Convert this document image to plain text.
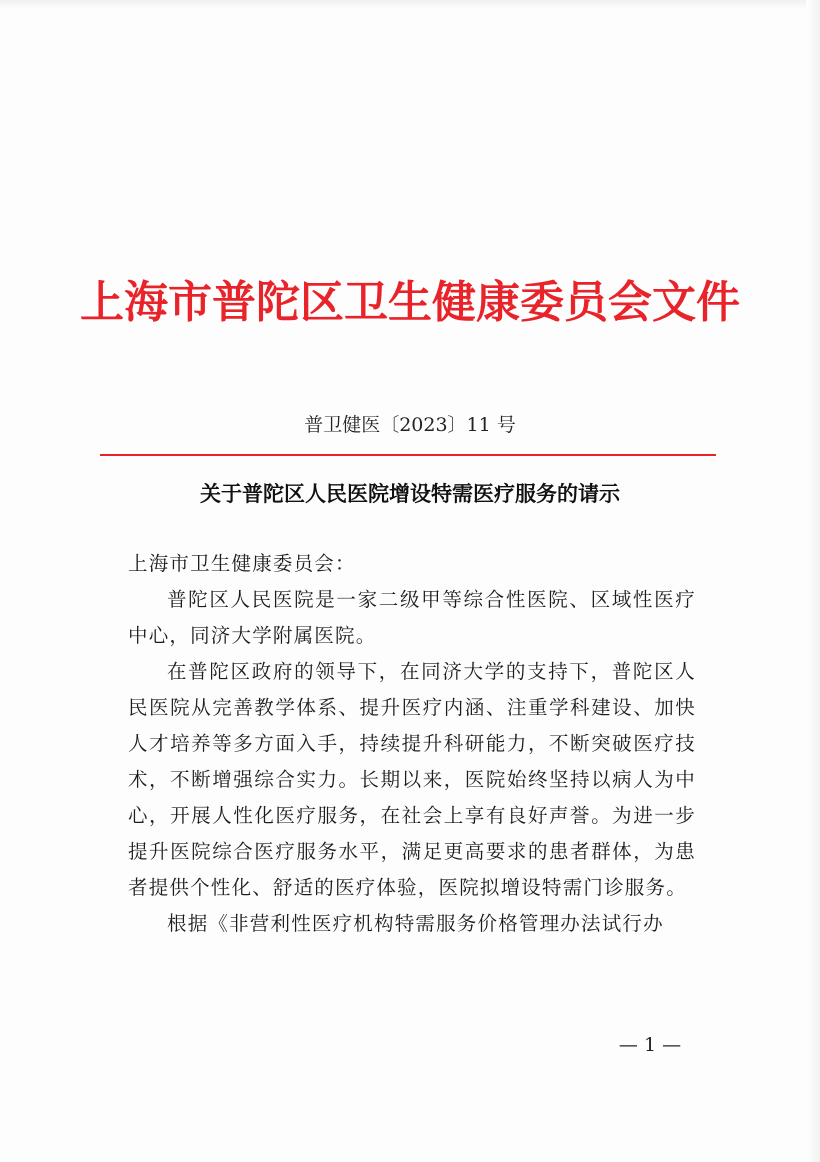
上海市普陀区卫生健康委员会文件
普卫健医〔2023〕11 号
关于普陀区人民医院增设特需医疗服务的请示

上海市卫生健康委员会：

普陀区人民医院是一家二级甲等综合性医院、区域性医疗中心，同济大学附属医院。

在普陀区政府的领导下，在同济大学的支持下，普陀区人民医院从完善教学体系、提升医疗内涵、注重学科建设、加快人才培养等多方面入手，持续提升科研能力，不断突破医疗技术，不断增强综合实力。长期以来，医院始终坚持以病人为中心，开展人性化医疗服务，在社会上享有良好声誉。为进一步提升医院综合医疗服务水平，满足更高要求的患者群体，为患者提供个性化、舒适的医疗体验，医院拟增设特需门诊服务。

根据《非营利性医疗机构特需服务价格管理办法试行办

— 1 —
